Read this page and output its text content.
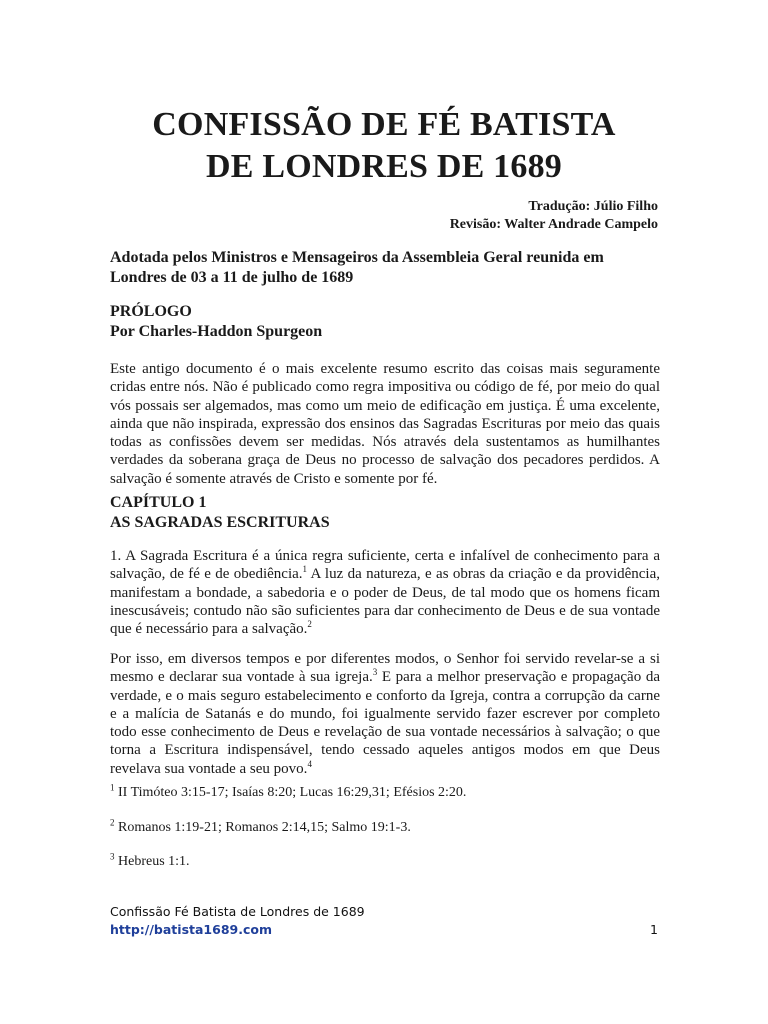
CONFISSÃO DE FÉ BATISTA
DE LONDRES DE 1689
Tradução: Júlio Filho
Revisão: Walter Andrade Campelo
Adotada pelos Ministros e Mensageiros da Assembleia Geral reunida em Londres de 03 a 11 de julho de 1689
PRÓLOGO
Por Charles-Haddon Spurgeon
Este antigo documento é o mais excelente resumo escrito das coisas mais seguramente cridas entre nós. Não é publicado como regra impositiva ou código de fé, por meio do qual vós possais ser algemados, mas como um meio de edificação em justiça. É uma excelente, ainda que não inspirada, expressão dos ensinos das Sagradas Escrituras por meio das quais todas as confissões devem ser medidas. Nós através dela sustentamos as humilhantes verdades da soberana graça de Deus no processo de salvação dos pecadores perdidos. A salvação é somente através de Cristo e somente por fé.
CAPÍTULO 1
AS SAGRADAS ESCRITURAS
1. A Sagrada Escritura é a única regra suficiente, certa e infalível de conhecimento para a salvação, de fé e de obediência.$^1$ A luz da natureza, e as obras da criação e da providência, manifestam a bondade, a sabedoria e o poder de Deus, de tal modo que os homens ficam inescusáveis; contudo não são suficientes para dar conhecimento de Deus e de sua vontade que é necessário para a salvação.$^2$
Por isso, em diversos tempos e por diferentes modos, o Senhor foi servido revelar-se a si mesmo e declarar sua vontade à sua igreja.$^3$ E para a melhor preservação e propagação da verdade, e o mais seguro estabelecimento e conforto da Igreja, contra a corrupção da carne e a malícia de Satanás e do mundo, foi igualmente servido fazer escrever por completo todo esse conhecimento de Deus e revelação de sua vontade necessários à salvação; o que torna a Escritura indispensável, tendo cessado aqueles antigos modos em que Deus revelava sua vontade a seu povo.$^4$
$^1$ II Timóteo 3:15-17; Isaías 8:20; Lucas 16:29,31; Efésios 2:20.
$^2$ Romanos 1:19-21; Romanos 2:14,15; Salmo 19:1-3.
$^3$ Hebreus 1:1.
Confissão Fé Batista de Londres de 1689
http://batista1689.com	1
